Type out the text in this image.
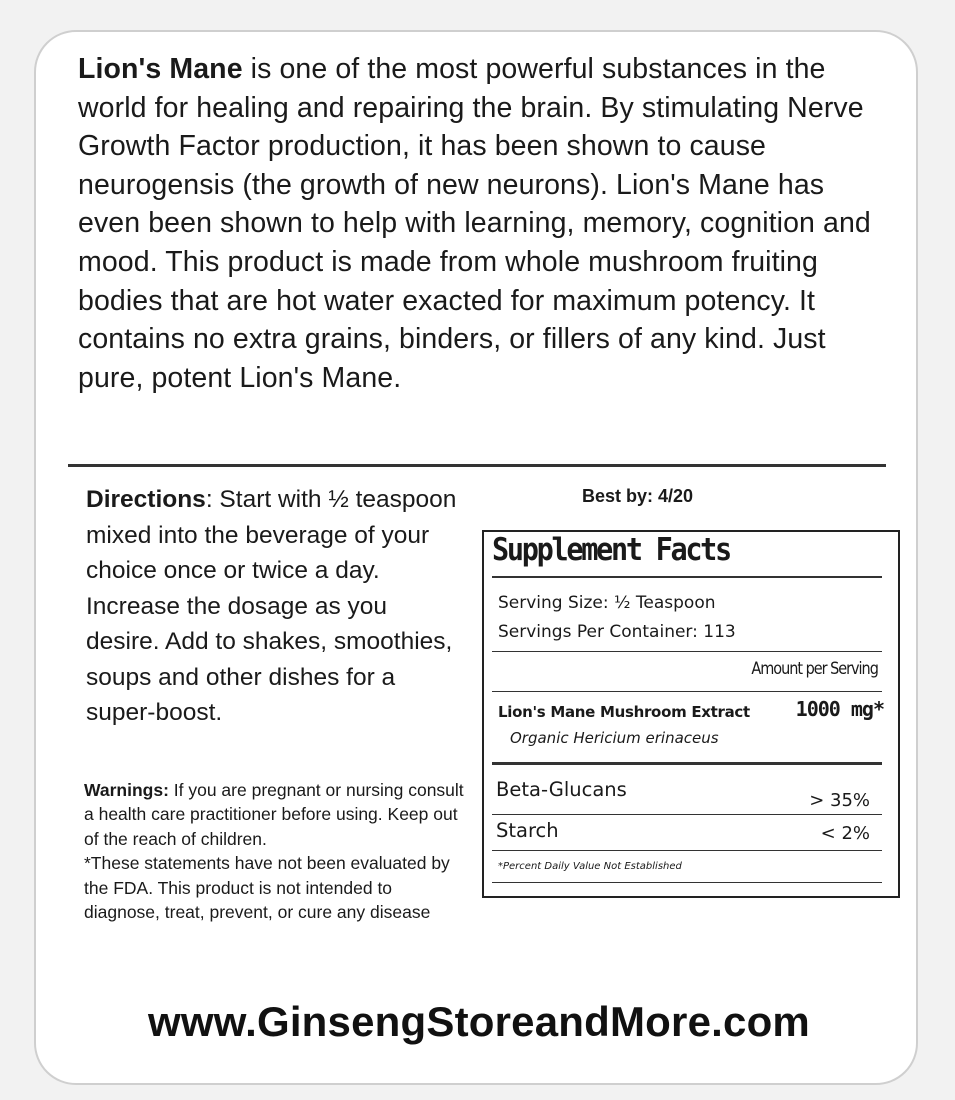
Lion's Mane is one of the most powerful substances in the world for healing and repairing the brain. By stimulating Nerve Growth Factor production, it has been shown to cause neurogensis (the growth of new neurons). Lion's Mane has even been shown to help with learning, memory, cognition and mood. This product is made from whole mushroom fruiting bodies that are hot water exacted for maximum potency. It contains no extra grains, binders, or fillers of any kind. Just pure, potent Lion's Mane.

Directions: Start with ½ teaspoon mixed into the beverage of your choice once or twice a day. Increase the dosage as you desire. Add to shakes, smoothies, soups and other dishes for a super-boost.

Warnings: If you are pregnant or nursing consult a health care practitioner before using. Keep out of the reach of children.

*These statements have not been evaluated by the FDA. This product is not intended to diagnose, treat, prevent, or cure any disease

Best by: 4/20
Supplement Facts
Serving Size: ½ Teaspoon
Servings Per Container: 113
Amount per Serving
Lion's Mane Mushroom Extract 1000 mg*
Organic Hericium erinaceus
Beta-Glucans	> 35%
Starch	< 2%
*Percent Daily Value Not Established
www.GinsengStoreandMore.com
